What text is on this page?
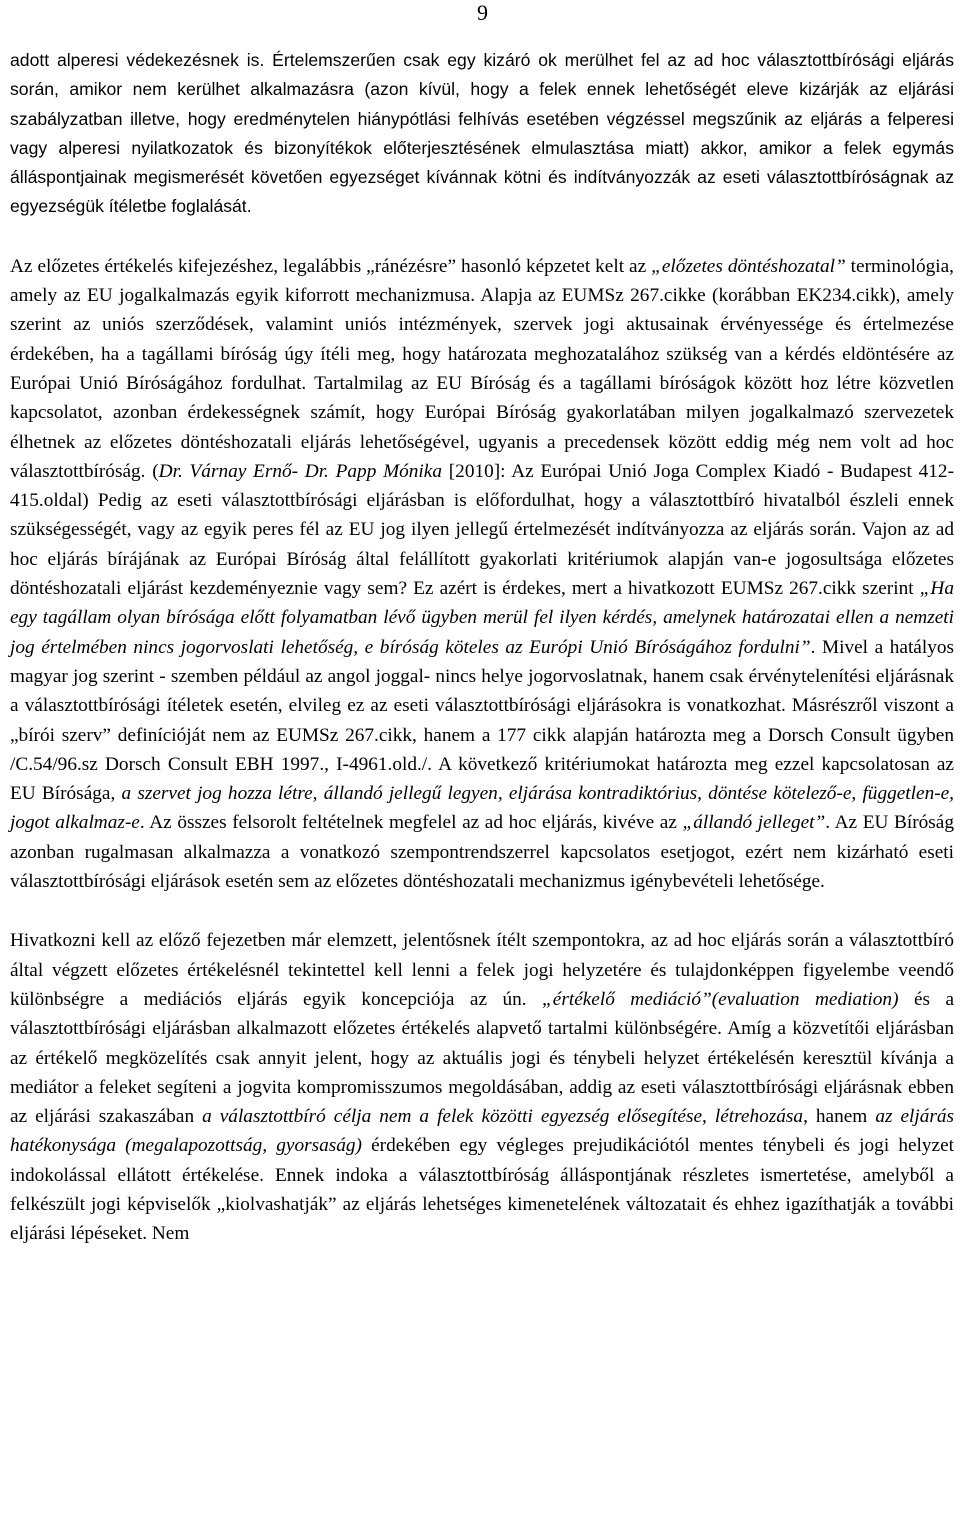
9

adott alperesi védekezésnek is. Értelemszerűen csak egy kizáró ok merülhet fel az ad hoc választottbírósági eljárás során, amikor nem kerülhet alkalmazásra (azon kívül, hogy a felek ennek lehetőségét eleve kizárják az eljárási szabályzatban illetve, hogy eredménytelen hiánypótlási felhívás esetében végzéssel megszűnik az eljárás a felperesi vagy alperesi nyilatkozatok és bizonyítékok előterjesztésének elmulasztása miatt) akkor, amikor a felek egymás álláspontjainak megismerését követően egyezséget kívánnak kötni és indítványozzák az eseti választottbíróságnak az egyezségük ítéletbe foglalását.

Az előzetes értékelés kifejezéshez, legalábbis „ránézésre” hasonló képzetet kelt az „előzetes döntéshozatal” terminológia, amely az EU jogalkalmazás egyik kiforrott mechanizmusa. Alapja az EUMSz 267.cikke (korábban EK234.cikk), amely szerint az uniós szerződések, valamint uniós intézmények, szervek jogi aktusainak érvényessége és értelmezése érdekében, ha a tagállami bíróság úgy ítéli meg, hogy határozata meghozatalához szükség van a kérdés eldöntésére az Európai Unió Bíróságához fordulhat. Tartalmilag az EU Bíróság és a tagállami bíróságok között hoz létre közvetlen kapcsolatot, azonban érdekességnek számít, hogy Európai Bíróság gyakorlatában milyen jogalkalmazó szervezetek élhetnek az előzetes döntéshozatali eljárás lehetőségével, ugyanis a precedensek között eddig még nem volt ad hoc választottbíróság. (Dr. Várnay Ernő- Dr. Papp Mónika [2010]: Az Európai Unió Joga Complex Kiadó - Budapest 412-415.oldal) Pedig az eseti választottbírósági eljárásban is előfordulhat, hogy a választottbíró hivatalból észleli ennek szükségességét, vagy az egyik peres fél az EU jog ilyen jellegű értelmezését indítványozza az eljárás során. Vajon az ad hoc eljárás bírájának az Európai Bíróság által felállított gyakorlati kritériumok alapján van-e jogosultsága előzetes döntéshozatali eljárást kezdeményeznie vagy sem? Ez azért is érdekes, mert a hivatkozott EUMSz 267.cikk szerint „Ha egy tagállam olyan bírósága előtt folyamatban lévő ügyben merül fel ilyen kérdés, amelynek határozatai ellen a nemzeti jog értelmében nincs jogorvoslati lehetőség, e bíróság köteles az Európi Unió Bíróságához fordulni”. Mivel a hatályos magyar jog szerint - szemben például az angol joggal- nincs helye jogorvoslatnak, hanem csak érvénytelenítési eljárásnak a választottbírósági ítéletek esetén, elvileg ez az eseti választottbírósági eljárásokra is vonatkozhat. Másrészről viszont a „bírói szerv” definícióját nem az EUMSz 267.cikk, hanem a 177 cikk alapján határozta meg a Dorsch Consult ügyben /C.54/96.sz Dorsch Consult EBH 1997., I-4961.old./. A következő kritériumokat határozta meg ezzel kapcsolatosan az EU Bírósága, a szervet jog hozza létre, állandó jellegű legyen, eljárása kontradiktórius, döntése kötelező-e, független-e, jogot alkalmaz-e. Az összes felsorolt feltételnek megfelel az ad hoc eljárás, kivéve az „állandó jelleget”. Az EU Bíróság azonban rugalmasan alkalmazza a vonatkozó szempontrendszerrel kapcsolatos esetjogot, ezért nem kizárható eseti választottbírósági eljárások esetén sem az előzetes döntéshozatali mechanizmus igénybevételi lehetősége.

Hivatkozni kell az előző fejezetben már elemzett, jelentősnek ítélt szempontokra, az ad hoc eljárás során a választottbíró által végzett előzetes értékelésnél tekintettel kell lenni a felek jogi helyzetére és tulajdonképpen figyelembe veendő különbségre a mediációs eljárás egyik koncepciója az ún. „értékelő mediáció”(evaluation mediation) és a választottbírósági eljárásban alkalmazott előzetes értékelés alapvető tartalmi különbségére. Amíg a közvetítői eljárásban az értékelő megközelítés csak annyit jelent, hogy az aktuális jogi és ténybeli helyzet értékelésén keresztül kívánja a mediátor a feleket segíteni a jogvita kompromisszumos megoldásában, addig az eseti választottbírósági eljárásnak ebben az eljárási szakaszában a választottbíró célja nem a felek közötti egyezség elősegítése, létrehozása, hanem az eljárás hatékonysága (megalapozottság, gyorsaság) érdekében egy végleges prejudikációtól mentes ténybeli és jogi helyzet indokolással ellátott értékelése. Ennek indoka a választottbíróság álláspontjának részletes ismertetése, amelyből a felkészült jogi képviselők „kiolvashatják” az eljárás lehetséges kimenetelének változatait és ehhez igazíthatják a további eljárási lépéseket. Nem
